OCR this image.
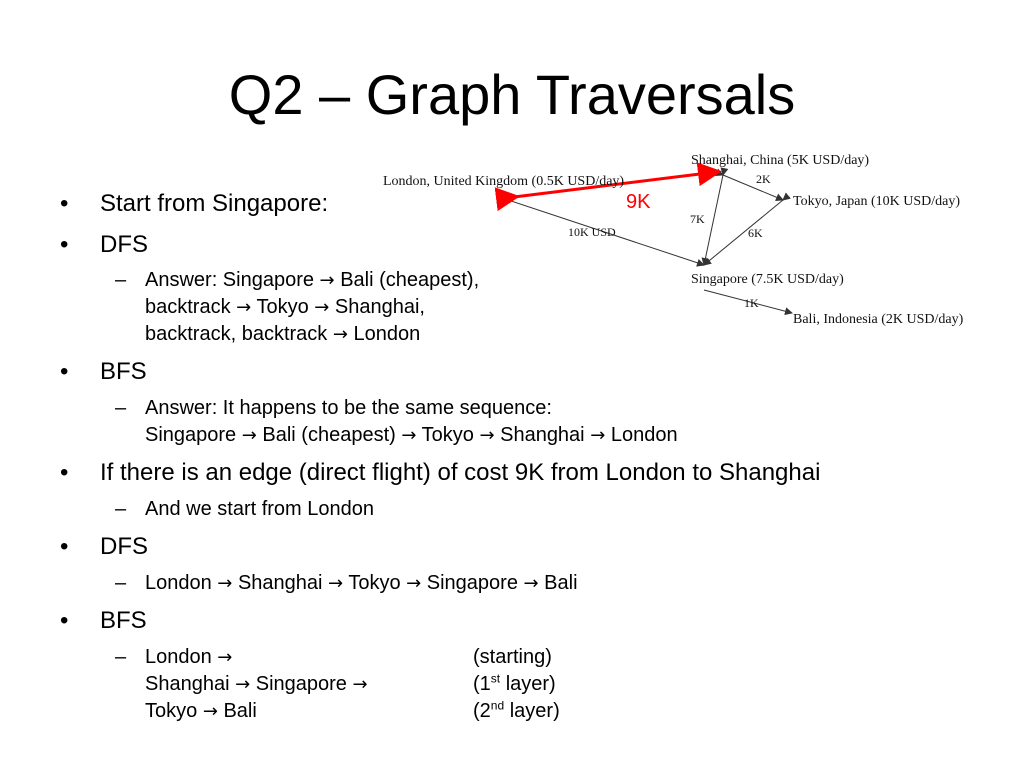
Q2 – Graph Traversals
London, United Kingdom (0.5K USD/day)
Shanghai, China (5K USD/day)
Tokyo, Japan (10K USD/day)
Singapore (7.5K USD/day)
Bali, Indonesia (2K USD/day)
2K
7K
6K
10K USD
1K
9K
• Start from Singapore:
• DFS
– Answer: Singapore → Bali (cheapest),
backtrack → Tokyo → Shanghai,
backtrack, backtrack → London
• BFS
– Answer: It happens to be the same sequence:
Singapore → Bali (cheapest) → Tokyo → Shanghai → London
• If there is an edge (direct flight) of cost 9K from London to Shanghai
– And we start from London
• DFS
– London → Shanghai → Tokyo → Singapore → Bali
• BFS
– London →	(starting)
Shanghai → Singapore →	(1st layer)
Tokyo → Bali	(2nd layer)
